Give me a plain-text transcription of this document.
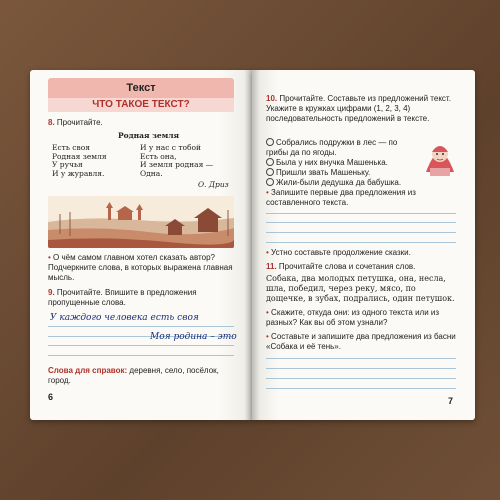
Текст
ЧТО ТАКОЕ ТЕКСТ?
8. Прочитайте.
Родная земля
Есть своя
Родная земля
У ручья
И у журавля.
И у нас с тобой
Есть она,
И земля родная —
Одна.
О. Дриз
• О чём самом главном хотел сказать автор? Подчеркните слова, в которых выражена главная мысль.
9. Прочитайте. Впишите в предложения пропущенные слова.
У каждого человека есть своя
Моя родина – это
Слова для справок: деревня, село, посёлок, город.
6
10. Прочитайте. Составьте из предложений текст. Укажите в кружках цифрами (1, 2, 3, 4) последовательность предложений в тексте.
Собрались подружки в лес — по грибы да по ягоды.
Была у них внучка Машенька.
Пришли звать Машеньку.
Жили-были дедушка да бабушка.
• Запишите первые два предложения из составленного текста.
• Устно составьте продолжение сказки.
11. Прочитайте слова и сочетания слов.
Собака, два молодых петушка, она, несла, шла, победил, через реку, мясо, по дощечке, в зубах, подрались, один петушок.
• Скажите, откуда они: из одного текста или из разных? Как вы об этом узнали?
• Составьте и запишите два предложения из басни «Собака и её тень».
7
